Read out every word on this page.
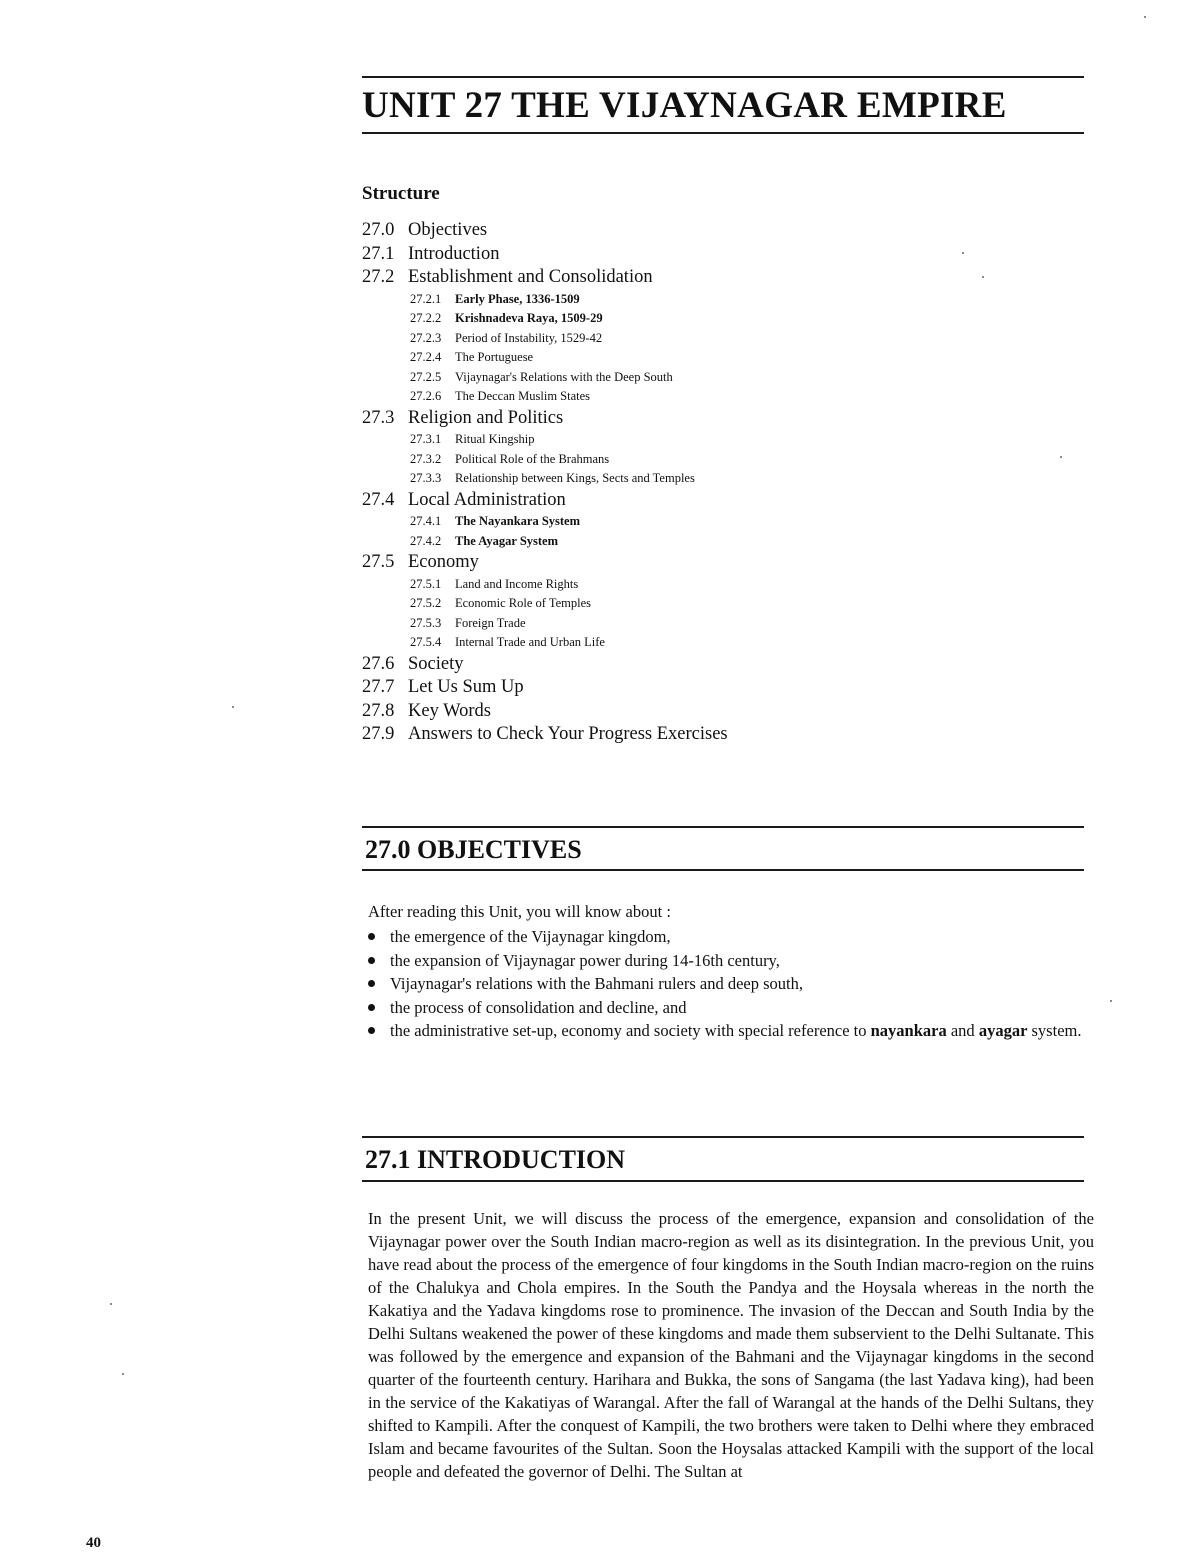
UNIT 27 THE VIJAYNAGAR EMPIRE
Structure
27.0 Objectives
27.1 Introduction
27.2 Establishment and Consolidation
27.2.1 Early Phase, 1336-1509
27.2.2 Krishnadeva Raya, 1509-29
27.2.3 Period of Instability, 1529-42
27.2.4 The Portuguese
27.2.5 Vijaynagar's Relations with the Deep South
27.2.6 The Deccan Muslim States
27.3 Religion and Politics
27.3.1 Ritual Kingship
27.3.2 Political Role of the Brahmans
27.3.3 Relationship between Kings, Sects and Temples
27.4 Local Administration
27.4.1 The Nayankara System
27.4.2 The Ayagar System
27.5 Economy
27.5.1 Land and Income Rights
27.5.2 Economic Role of Temples
27.5.3 Foreign Trade
27.5.4 Internal Trade and Urban Life
27.6 Society
27.7 Let Us Sum Up
27.8 Key Words
27.9 Answers to Check Your Progress Exercises
27.0 OBJECTIVES

After reading this Unit, you will know about :

the emergence of the Vijaynagar kingdom,
the expansion of Vijaynagar power during 14-16th century,
Vijaynagar's relations with the Bahmani rulers and deep south,
the process of consolidation and decline, and
the administrative set-up, economy and society with special reference to nayankara and ayagar system.
27.1 INTRODUCTION

In the present Unit, we will discuss the process of the emergence, expansion and consolidation of the Vijaynagar power over the South Indian macro-region as well as its disintegration. In the previous Unit, you have read about the process of the emergence of four kingdoms in the South Indian macro-region on the ruins of the Chalukya and Chola empires. In the South the Pandya and the Hoysala whereas in the north the Kakatiya and the Yadava kingdoms rose to prominence. The invasion of the Deccan and South India by the Delhi Sultans weakened the power of these kingdoms and made them subservient to the Delhi Sultanate. This was followed by the emergence and expansion of the Bahmani and the Vijaynagar kingdoms in the second quarter of the fourteenth century. Harihara and Bukka, the sons of Sangama (the last Yadava king), had been in the service of the Kakatiyas of Warangal. After the fall of Warangal at the hands of the Delhi Sultans, they shifted to Kampili. After the conquest of Kampili, the two brothers were taken to Delhi where they embraced Islam and became favourites of the Sultan. Soon the Hoysalas attacked Kampili with the support of the local people and defeated the governor of Delhi. The Sultan at

40
